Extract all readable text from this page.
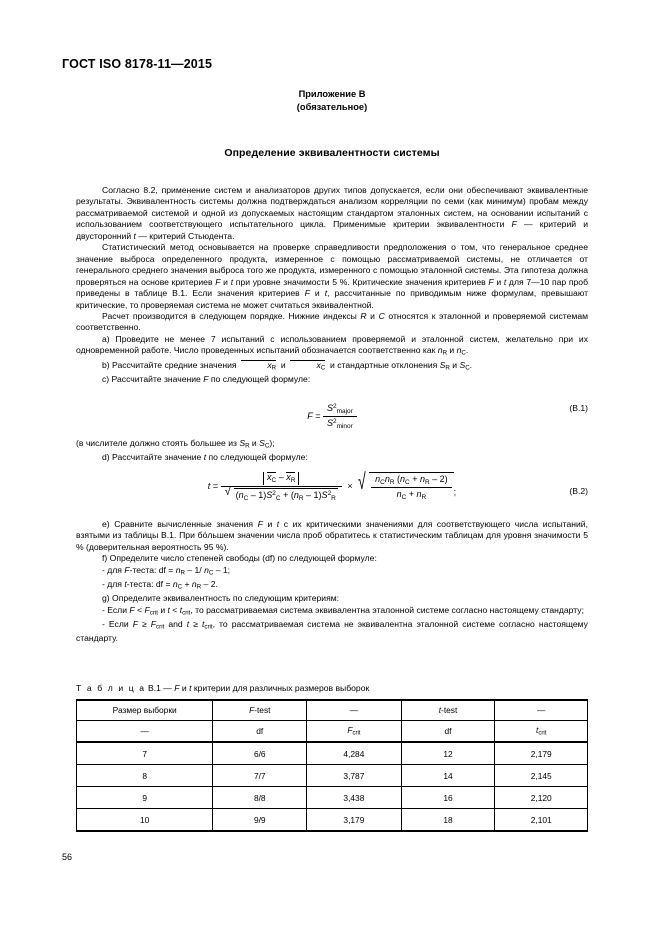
ГОСТ ISO 8178-11—2015
Приложение В
(обязательное)
Определение эквивалентности системы

Согласно 8.2, применение систем и анализаторов других типов допускается, если они обеспечивают эквивалентные результаты. Эквивалентность системы должна подтверждаться анализом корреляции по семи (как минимум) пробам между рассматриваемой системой и одной из допускаемых настоящим стандартом эталонных систем, на основании испытаний с использованием соответствующего испытательного цикла. Применимые критерии эквивалентности F — критерий и двусторонний t — критерий Стьюдента.

Статистический метод основывается на проверке справедливости предположения о том, что генеральное среднее значение выброса определенного продукта, измеренное с помощью рассматриваемой системы, не отличается от генерального среднего значения выброса того же продукта, измеренного с помощью эталонной системы. Эта гипотеза должна проверяться на основе критериев F и t при уровне значимости 5 %. Критические значения критериев F и t для 7—10 пар проб приведены в таблице В.1. Если значения критериев F и t, рассчитанные по приводимым ниже формулам, превышают критические, то проверяемая система не может считаться эквивалентной.

Расчет производится в следующем порядке. Нижние индексы R и C относятся к эталонной и проверяемой системам соответственно.

a) Проведите не менее 7 испытаний с использованием проверяемой и эталонной систем, желательно при их одновременной работе. Число проведенных испытаний обозначается соответственно как $n_R$ и $n_C$.

b) Рассчитайте средние значения	$x_R$  и	$x_C$  и стандартные отклонения $S_R$ и $S_C$.

c) Рассчитайте значение F по следующей формуле:

$F = \frac{S^2_{major}}{S^2_{minor}}$	(В.1)

(в числителе должно стоять большее из $S_R$ и $S_C$);

d) Рассчитайте значение t по следующей формуле:

$t = x_C - x_R$
√ $(n_C - 1)S^2_C + (n_R - 1)S^2_R$ × √ $\frac{n_Cn_R (n_C + n_R - 2)}{n_C + n_R}$ ;	(В.2)

e) Сравните вычисленные значения F и t с их критическими значениями для соответствующего числа испытаний, взятыми из таблицы В.1. При бо́льшем значении числа проб обратитесь к статистическим таблицам для уровня значимости 5 % (доверительная вероятность 95 %).

f) Определите число степеней свободы (df) по следующей формуле:

- для F-теста: df = $n_R - 1/$ $n_C - 1$;

- для t-теста: df = $n_C + n_R - 2$.

g) Определите эквивалентность по следующим критериям:

- Если $F < F_{crit}$ и $t < t_{crit}$, то рассматриваемая система эквивалентна эталонной системе согласно настоящему стандарту;

- Если $F \ge F_{crit}$ and $t \ge t_{crit}$, то рассматриваемая система не эквивалентна эталонной системе согласно настоящему стандарту.

Т а б л и ц а В.1 — F и t критерии для различных размеров выборок
Размер выборки	F-test	—	t-test	—
—	df	$F_{crit}$	df	$t_{crit}$
7	6/6	4,284	12	2,179
8	7/7	3,787	14	2,145
9	8/8	3,438	16	2,120
10	9/9	3,179	18	2,101
56
